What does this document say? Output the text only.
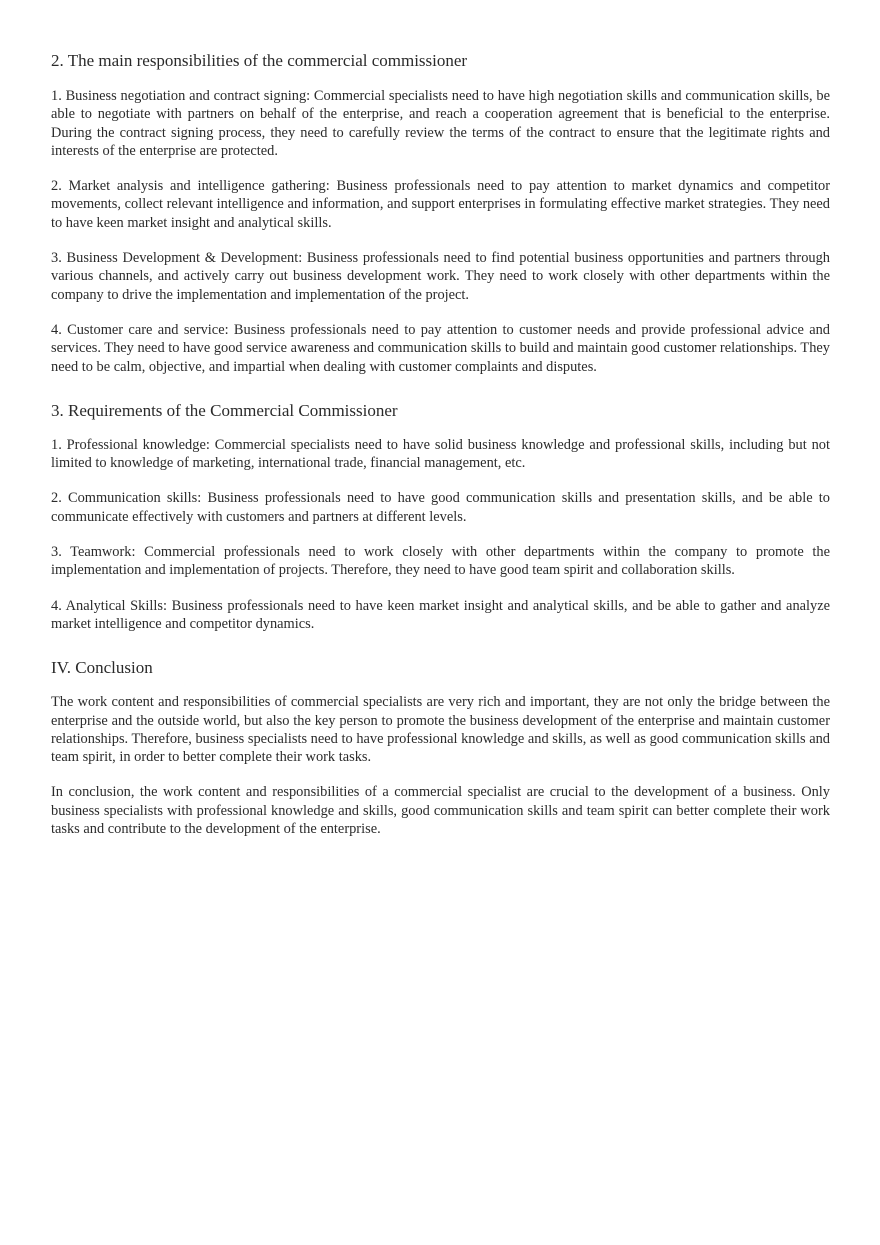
2. The main responsibilities of the commercial commissioner

1. Business negotiation and contract signing: Commercial specialists need to have high negotiation skills and communication skills, be able to negotiate with partners on behalf of the enterprise, and reach a cooperation agreement that is beneficial to the enterprise. During the contract signing process, they need to carefully review the terms of the contract to ensure that the legitimate rights and interests of the enterprise are protected.

2. Market analysis and intelligence gathering: Business professionals need to pay attention to market dynamics and competitor movements, collect relevant intelligence and information, and support enterprises in formulating effective market strategies. They need to have keen market insight and analytical skills.

3. Business Development & Development: Business professionals need to find potential business opportunities and partners through various channels, and actively carry out business development work. They need to work closely with other departments within the company to drive the implementation and implementation of the project.

4. Customer care and service: Business professionals need to pay attention to customer needs and provide professional advice and services. They need to have good service awareness and communication skills to build and maintain good customer relationships. They need to be calm, objective, and impartial when dealing with customer complaints and disputes.

3. Requirements of the Commercial Commissioner

1. Professional knowledge: Commercial specialists need to have solid business knowledge and professional skills, including but not limited to knowledge of marketing, international trade, financial management, etc.

2. Communication skills: Business professionals need to have good communication skills and presentation skills, and be able to communicate effectively with customers and partners at different levels.

3. Teamwork: Commercial professionals need to work closely with other departments within the company to promote the implementation and implementation of projects. Therefore, they need to have good team spirit and collaboration skills.

4. Analytical Skills: Business professionals need to have keen market insight and analytical skills, and be able to gather and analyze market intelligence and competitor dynamics.

IV. Conclusion

The work content and responsibilities of commercial specialists are very rich and important, they are not only the bridge between the enterprise and the outside world, but also the key person to promote the business development of the enterprise and maintain customer relationships. Therefore, business specialists need to have professional knowledge and skills, as well as good communication skills and team spirit, in order to better complete their work tasks.

In conclusion, the work content and responsibilities of a commercial specialist are crucial to the development of a business. Only business specialists with professional knowledge and skills, good communication skills and team spirit can better complete their work tasks and contribute to the development of the enterprise.
